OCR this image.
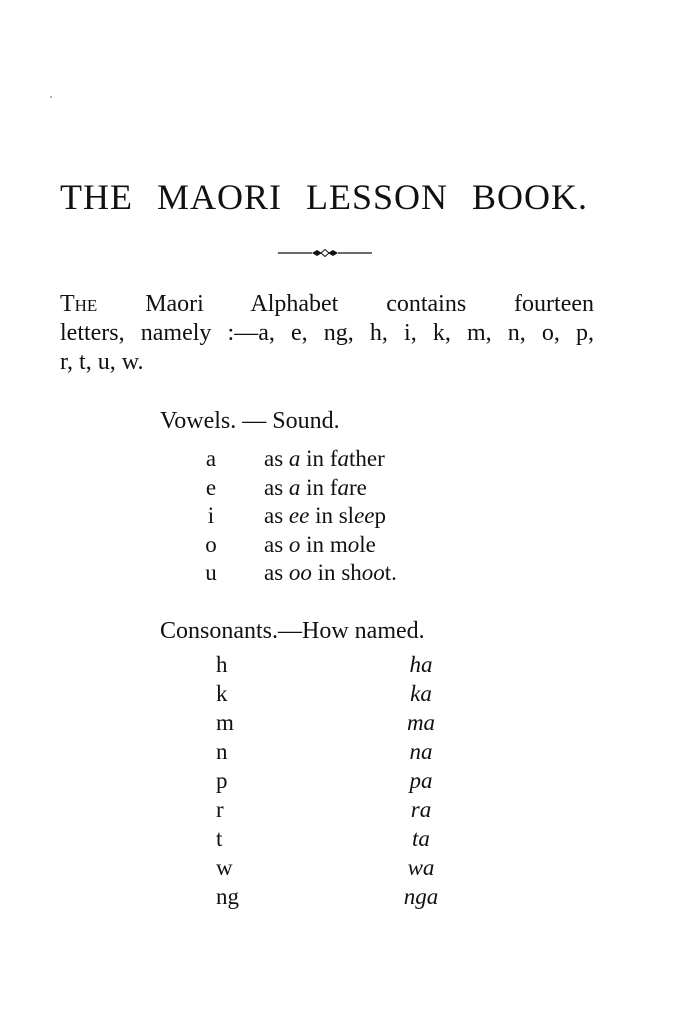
THE MAORI LESSON BOOK.
The Maori Alphabet contains fourteen
letters, namely :—a, e, ng, h, i, k, m, n, o, p,
r, t, u, w.
Vowels. — Sound.
a	as a in father
e	as a in fare
i	as ee in sleep
o	as o in mole
u	as oo in shoot.
Consonants.—How named.
h	ha
k	ka
m	ma
n	na
p	pa
r	ra
t	ta
w	wa
ng	nga
